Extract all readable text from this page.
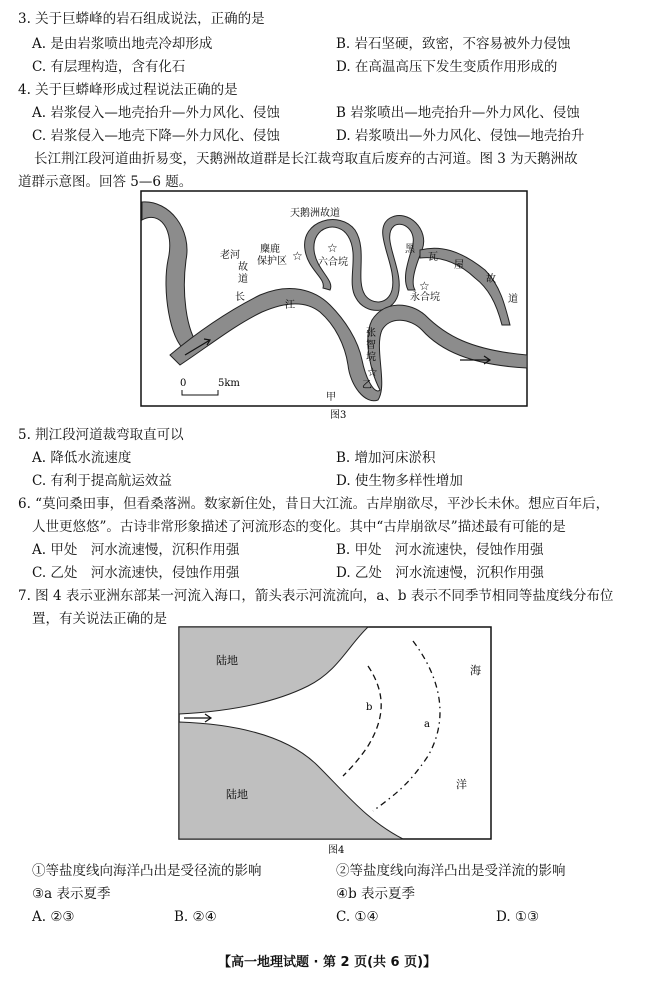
3. 关于巨蟒峰的岩石组成说法，正确的是
A. 是由岩浆喷出地壳冷却形成	B. 岩石坚硬，致密，不容易被外力侵蚀
C. 有层理构造，含有化石	D. 在高温高压下发生变质作用形成的
4. 关于巨蟒峰形成过程说法正确的是
A. 岩浆侵入—地壳抬升—外力风化、侵蚀	B 岩浆喷出—地壳抬升—外力风化、侵蚀
C. 岩浆侵入—地壳下降—外力风化、侵蚀	D. 岩浆喷出—外力风化、侵蚀—地壳抬升
长江荆江段河道曲折易变，天鹅洲故道群是长江裁弯取直后废弃的古河道。图 3 为天鹅洲故
道群示意图。回答 5—6 题。
☆
☆
☆
☆
天鹅洲故道
老河
故
道
麋鹿
保护区	六合垸
黑
瓦
屋
故
道
永合垸
长
江
张
智
垸
乙
甲
0	5km
图3
5. 荆江段河道裁弯取直可以
A. 降低水流速度	B. 增加河床淤积
C. 有利于提高航运效益	D. 使生物多样性增加
6. “莫问桑田事，但看桑落洲。数家新住处，昔日大江流。古岸崩欲尽，平沙长未休。想应百年后，
人世更悠悠”。古诗非常形象描述了河流形态的变化。其中“古岸崩欲尽”描述最有可能的是
A. 甲处　河水流速慢，沉积作用强	B. 甲处　河水流速快，侵蚀作用强
C. 乙处　河水流速快，侵蚀作用强	D. 乙处　河水流速慢，沉积作用强
7. 图 4 表示亚洲东部某一河流入海口，箭头表示河流流向，a、b 表示不同季节相同等盐度线分布位
置，有关说法正确的是
陆地
陆地
海
洋
b
a
图4
①等盐度线向海洋凸出是受径流的影响	②等盐度线向海洋凸出是受洋流的影响
③a 表示夏季	④b 表示夏季
A. ②③	B. ②④	C. ①④	D. ①③
【高一地理试题 · 第 2 页(共 6 页)】
